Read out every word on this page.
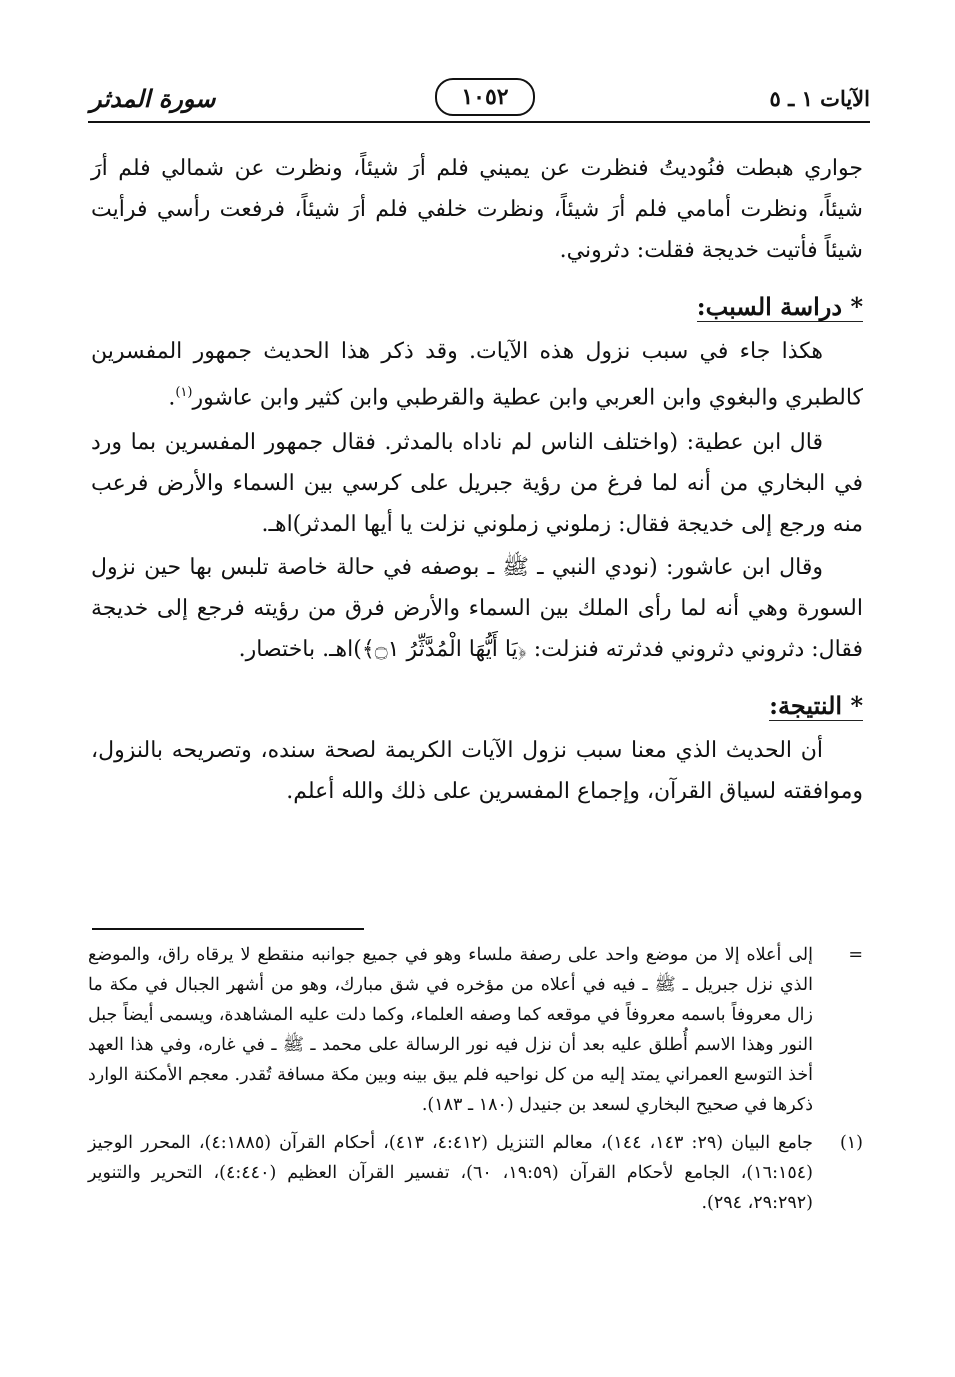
الآيات ١ ـ ٥
١٠٥٢
سورة المدثر

جواري هبطت فنُوديتُ فنظرت عن يميني فلم أرَ شيئاً، ونظرت عن شمالي فلم أرَ شيئاً، ونظرت أمامي فلم أرَ شيئاً، ونظرت خلفي فلم أرَ شيئاً، فرفعت رأسي فرأيت شيئاً فأتيت خديجة فقلت: دثروني.

* دراسة السبب:

هكذا جاء في سبب نزول هذه الآيات. وقد ذكر هذا الحديث جمهور المفسرين كالطبري والبغوي وابن العربي وابن عطية والقرطبي وابن كثير وابن عاشور$^{(١)}$.

قال ابن عطية: (واختلف الناس لم ناداه بالمدثر. فقال جمهور المفسرين بما ورد في البخاري من أنه لما فرغ من رؤية جبريل على كرسي بين السماء والأرض فرعب منه ورجع إلى خديجة فقال: زملوني زملوني نزلت يا أيها المدثر)اهـ.

وقال ابن عاشور: (نودي النبي ـ ﷺ ـ بوصفه في حالة خاصة تلبس بها حين نزول السورة وهي أنه لما رأى الملك بين السماء والأرض فرق من رؤيته فرجع إلى خديجة فقال: دثروني دثروني فدثرته فنزلت: ﴿يَا أَيُّهَا الْمُدَّثِّرُ ۝١﴾)اهـ. باختصار.

* النتيجة:

أن الحديث الذي معنا سبب نزول الآيات الكريمة لصحة سنده، وتصريحه بالنزول، وموافقته لسياق القرآن، وإجماع المفسرين على ذلك والله أعلم.

=
إلى أعلاه إلا من موضع واحد على رصفة ملساء وهو في جميع جوانبه منقطع لا يرقاه راق، والموضع الذي نزل جبريل ـ ﷺ ـ فيه في أعلاه من مؤخره في شق مبارك، وهو من أشهر الجبال في مكة ما زال معروفاً باسمه معروفاً في موقعه كما وصفه العلماء، وكما دلت عليه المشاهدة، ويسمى أيضاً جبل النور وهذا الاسم أُطلق عليه بعد أن نزل فيه نور الرسالة على محمد ـ ﷺ ـ في غاره، وفي هذا العهد أخذ التوسع العمراني يمتد إليه من كل نواحيه فلم يبق بينه وبين مكة مسافة تُقدر. معجم الأمكنة الوارد ذكرها في صحيح البخاري لسعد بن جنيدل (١٨٠ ـ ١٨٣).

(١)
جامع البيان (٢٩: ١٤٣، ١٤٤)، معالم التنزيل (٤:٤١٢، ٤١٣)، أحكام القرآن (٤:١٨٨٥)، المحرر الوجيز (١٦:١٥٤)، الجامع لأحكام القرآن (١٩:٥٩، ٦٠)، تفسير القرآن العظيم (٤:٤٤٠)، التحرير والتنوير (٢٩:٢٩٢، ٢٩٤).
